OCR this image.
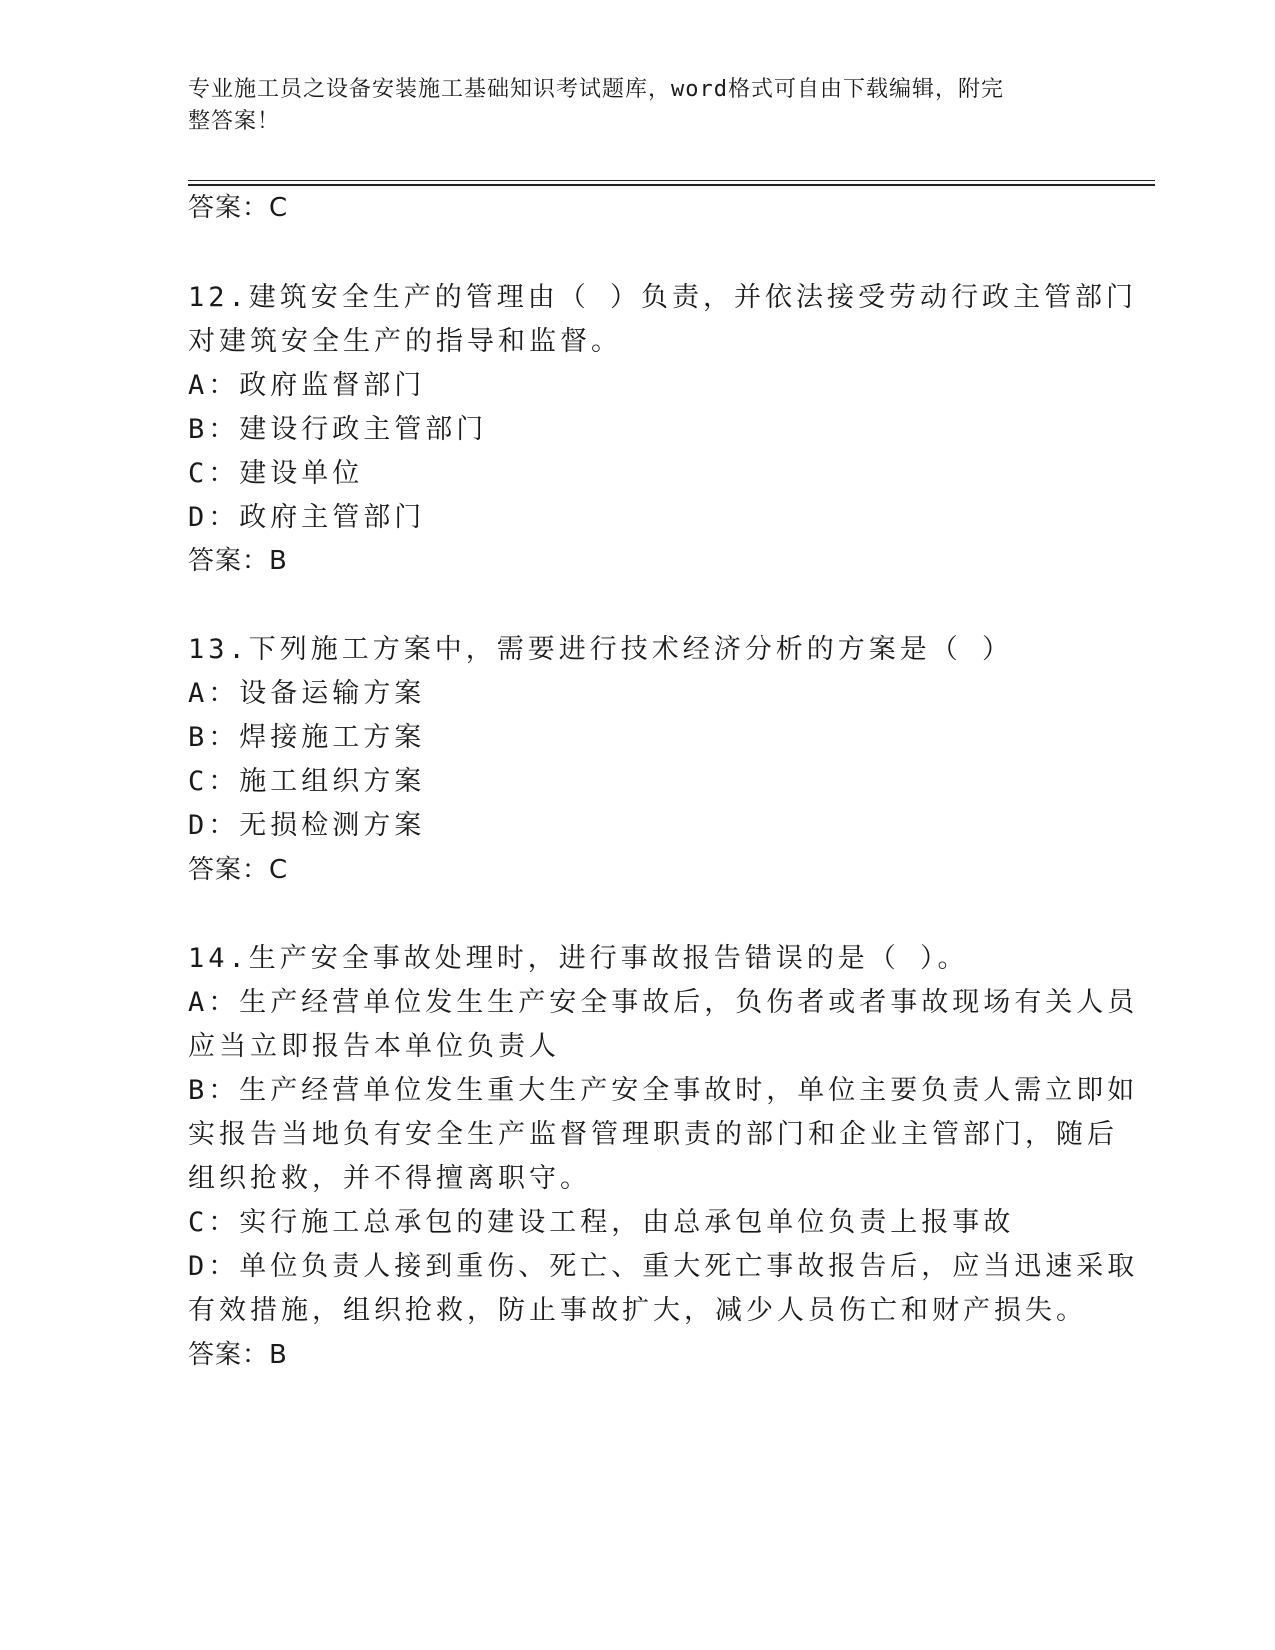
专业施工员之设备安装施工基础知识考试题库，word格式可自由下载编辑，附完
整答案！
答案：C
12.建筑安全生产的管理由（ ）负责，并依法接受劳动行政主管部门
对建筑安全生产的指导和监督。
A：政府监督部门
B：建设行政主管部门
C：建设单位
D：政府主管部门
答案：B
13.下列施工方案中，需要进行技术经济分析的方案是（ ）
A：设备运输方案
B：焊接施工方案
C：施工组织方案
D：无损检测方案
答案：C
14.生产安全事故处理时，进行事故报告错误的是（ ）。
A：生产经营单位发生生产安全事故后，负伤者或者事故现场有关人员
应当立即报告本单位负责人
B：生产经营单位发生重大生产安全事故时，单位主要负责人需立即如
实报告当地负有安全生产监督管理职责的部门和企业主管部门，随后
组织抢救，并不得擅离职守。
C：实行施工总承包的建设工程，由总承包单位负责上报事故
D：单位负责人接到重伤、死亡、重大死亡事故报告后，应当迅速采取
有效措施，组织抢救，防止事故扩大，减少人员伤亡和财产损失。
答案：B
